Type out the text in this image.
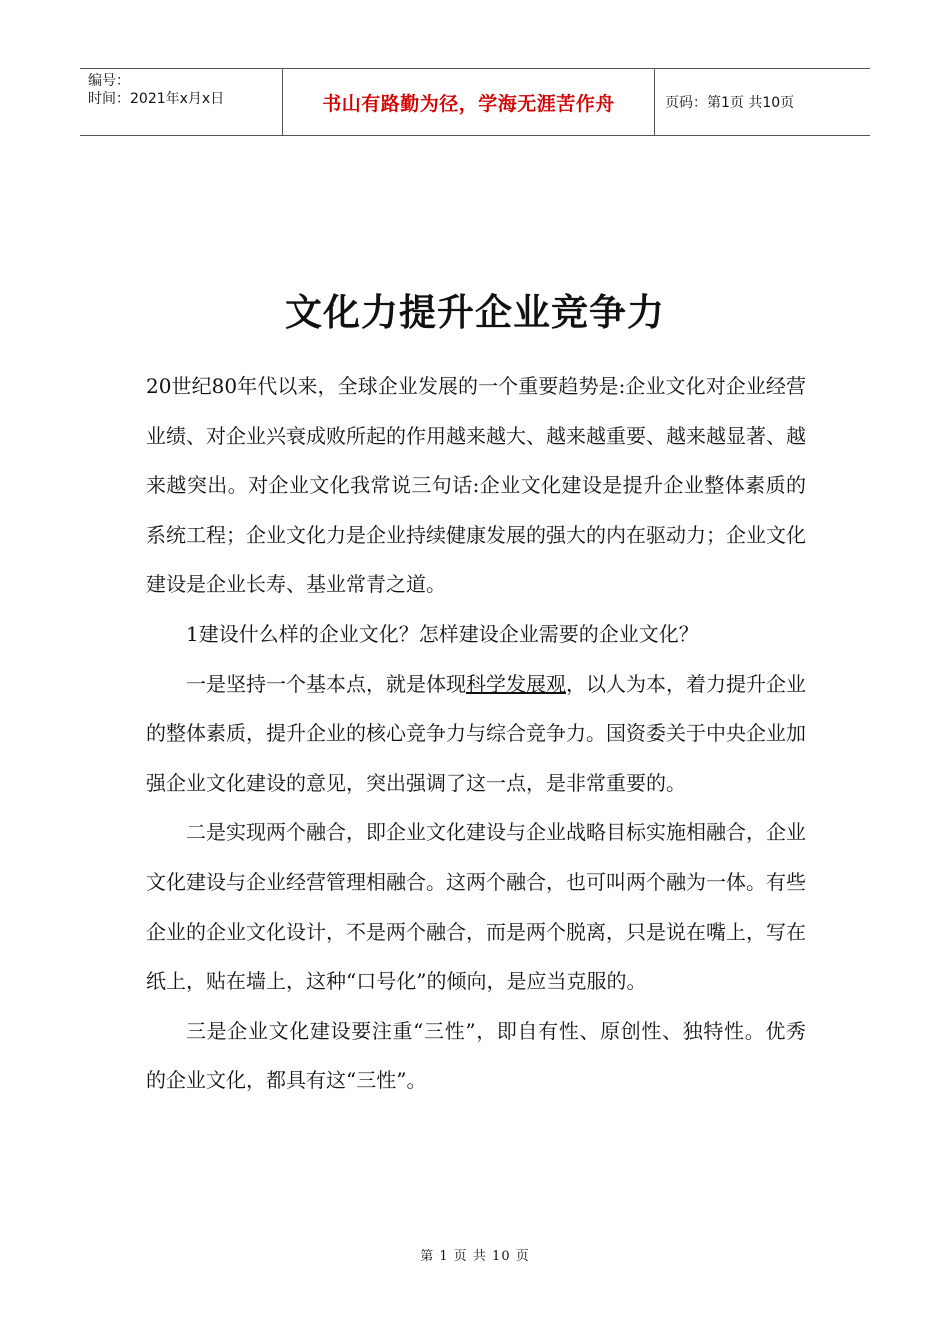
编号：
时间：2021年x月x日	书山有路勤为径，学海无涯苦作舟	页码：第1页 共10页
文化力提升企业竞争力

20世纪80年代以来，全球企业发展的一个重要趋势是:企业文化对企业经营业绩、对企业兴衰成败所起的作用越来越大、越来越重要、越来越显著、越来越突出。对企业文化我常说三句话:企业文化建设是提升企业整体素质的系统工程；企业文化力是企业持续健康发展的强大的内在驱动力；企业文化建设是企业长寿、基业常青之道。

1建设什么样的企业文化？怎样建设企业需要的企业文化？

一是坚持一个基本点，就是体现科学发展观，以人为本，着力提升企业的整体素质，提升企业的核心竞争力与综合竞争力。国资委关于中央企业加强企业文化建设的意见，突出强调了这一点，是非常重要的。

二是实现两个融合，即企业文化建设与企业战略目标实施相融合，企业文化建设与企业经营管理相融合。这两个融合，也可叫两个融为一体。有些企业的企业文化设计，不是两个融合，而是两个脱离，只是说在嘴上，写在纸上，贴在墙上，这种“口号化”的倾向，是应当克服的。

三是企业文化建设要注重“三性”，即自有性、原创性、独特性。优秀的企业文化，都具有这“三性”。

第 1 页 共 10 页
